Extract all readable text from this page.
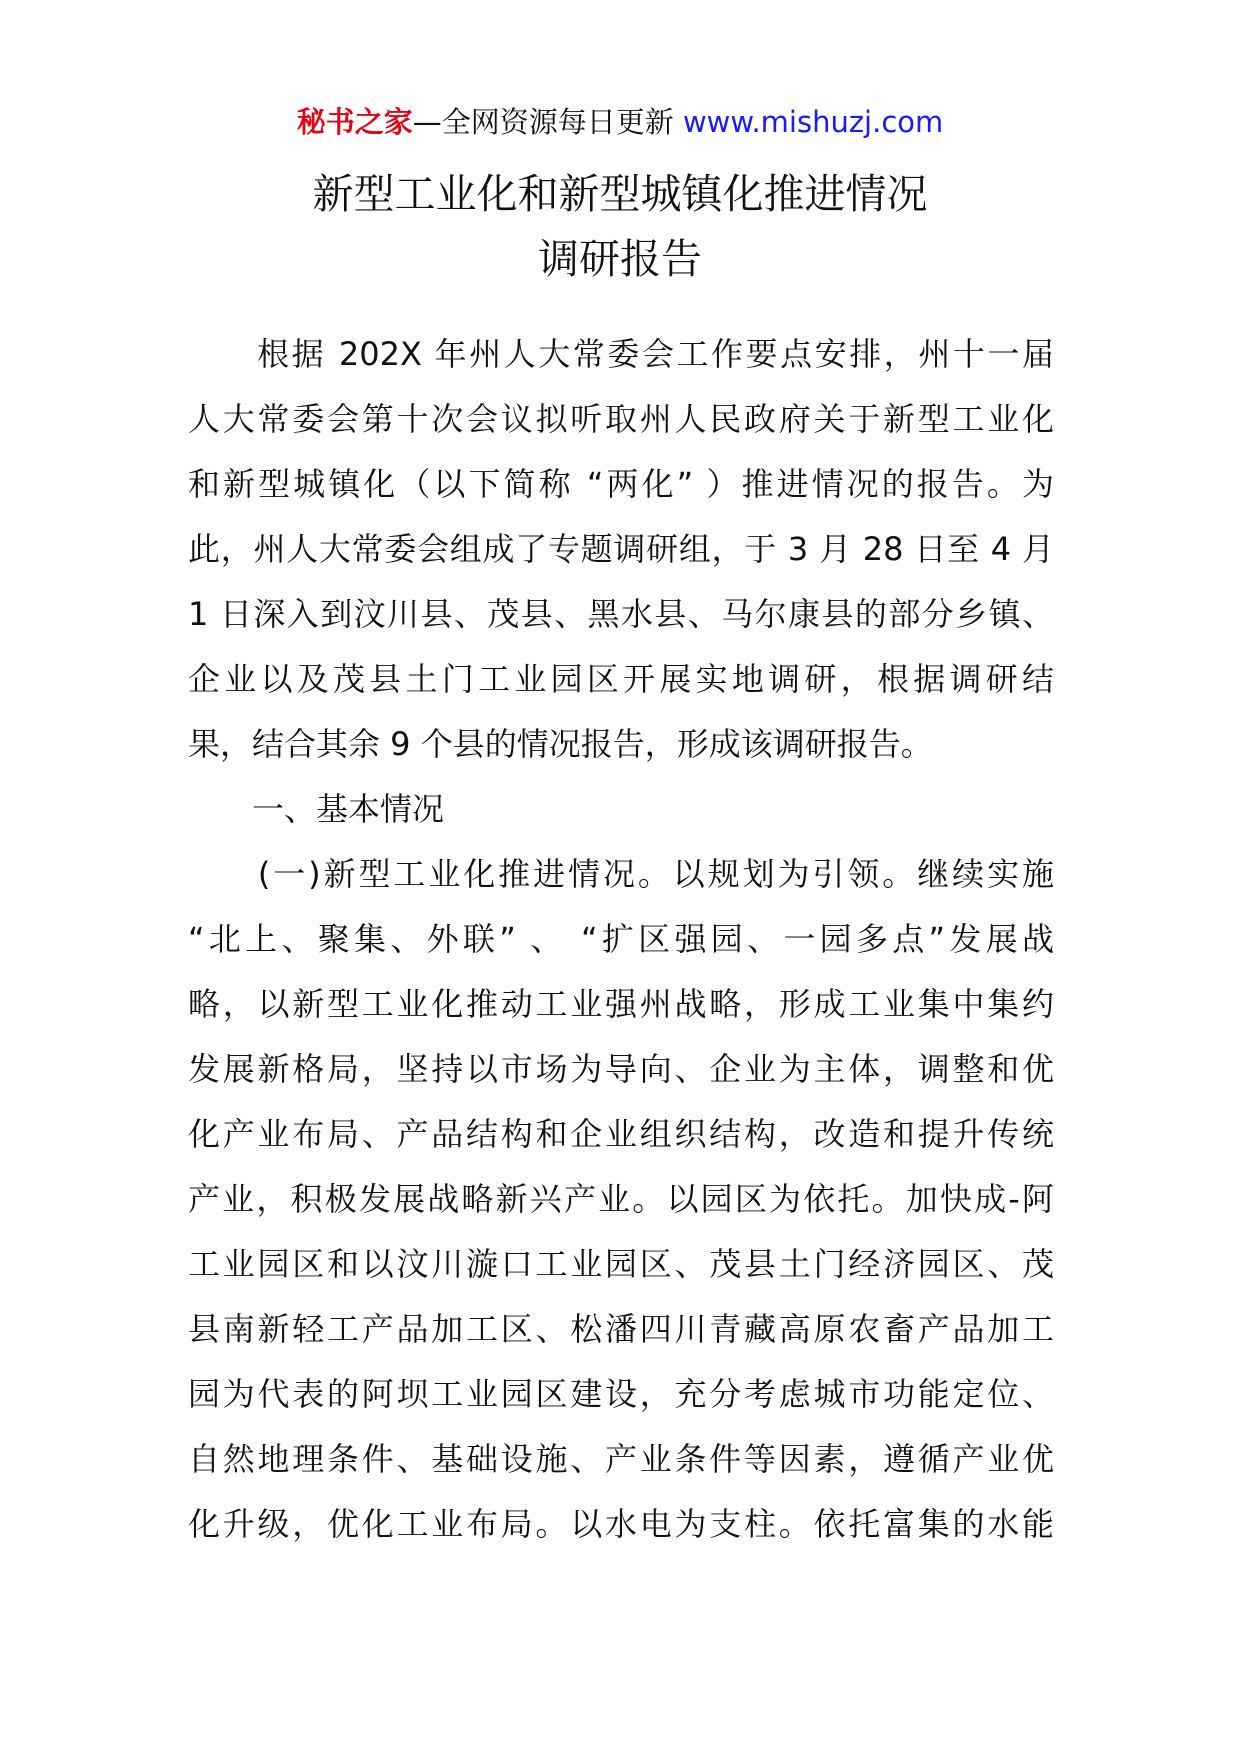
秘书之家—全网资源每日更新 www.mishuzj.com
新型工业化和新型城镇化推进情况
调研报告
　　根据 202X 年州人大常委会工作要点安排，州十一届
人大常委会第十次会议拟听取州人民政府关于新型工业化
和新型城镇化（以下简称 “两化” ）推进情况的报告。为
此，州人大常委会组成了专题调研组，于 3 月 28 日至 4 月
1 日深入到汶川县、茂县、黑水县、马尔康县的部分乡镇、
企业以及茂县土门工业园区开展实地调研，根据调研结
果，结合其余 9 个县的情况报告，形成该调研报告。
　　一、基本情况
　　(一)新型工业化推进情况。以规划为引领。继续实施
“北上、聚集、外联” 、 “扩区强园、一园多点”发展战
略，以新型工业化推动工业强州战略，形成工业集中集约
发展新格局，坚持以市场为导向、企业为主体，调整和优
化产业布局、产品结构和企业组织结构，改造和提升传统
产业，积极发展战略新兴产业。以园区为依托。加快成-阿
工业园区和以汶川漩口工业园区、茂县土门经济园区、茂
县南新轻工产品加工区、松潘四川青藏高原农畜产品加工
园为代表的阿坝工业园区建设，充分考虑城市功能定位、
自然地理条件、基础设施、产业条件等因素，遵循产业优
化升级，优化工业布局。以水电为支柱。依托富集的水能
